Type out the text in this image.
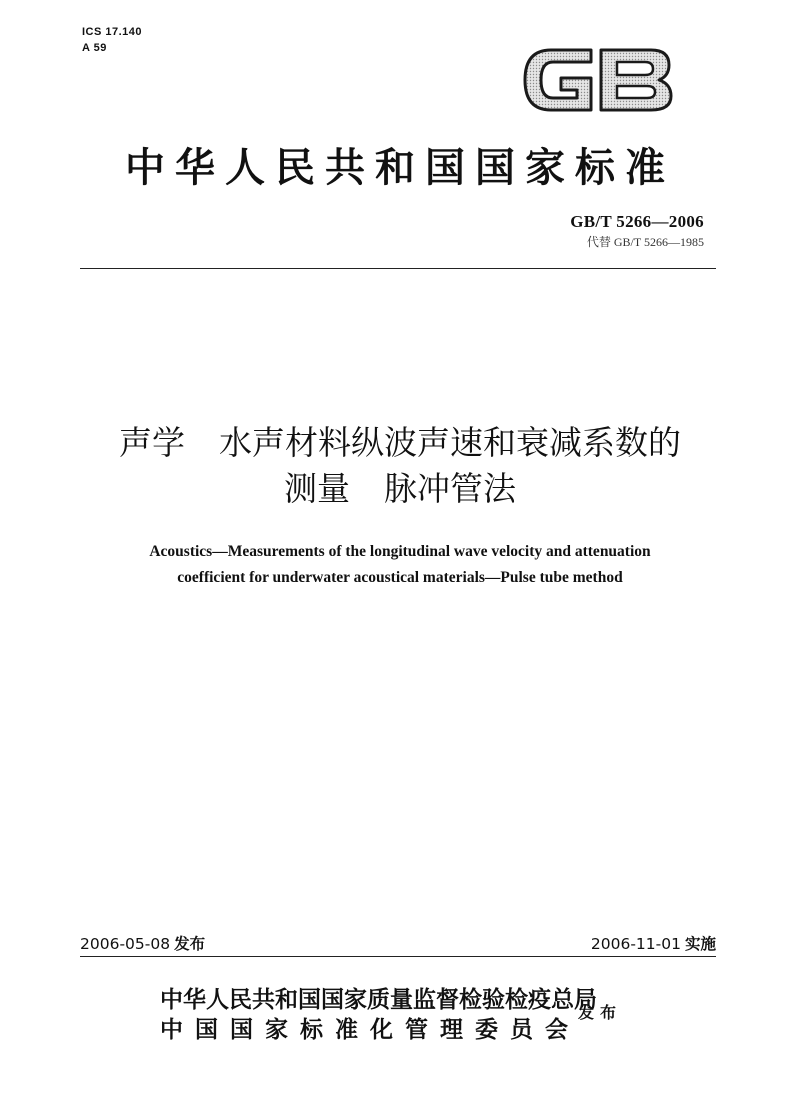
ICS 17.140
A 59
中华人民共和国国家标准
GB/T 5266—2006
代替 GB/T 5266—1985
声学 水声材料纵波声速和衰减系数的
测量 脉冲管法
Acoustics—Measurements of the longitudinal wave velocity and attenuation
coefficient for underwater acoustical materials—Pulse tube method
2006-05-08 发布	2006-11-01 实施
中华人民共和国国家质量监督检验检疫总局
中国国家标准化管理委员会
发布
